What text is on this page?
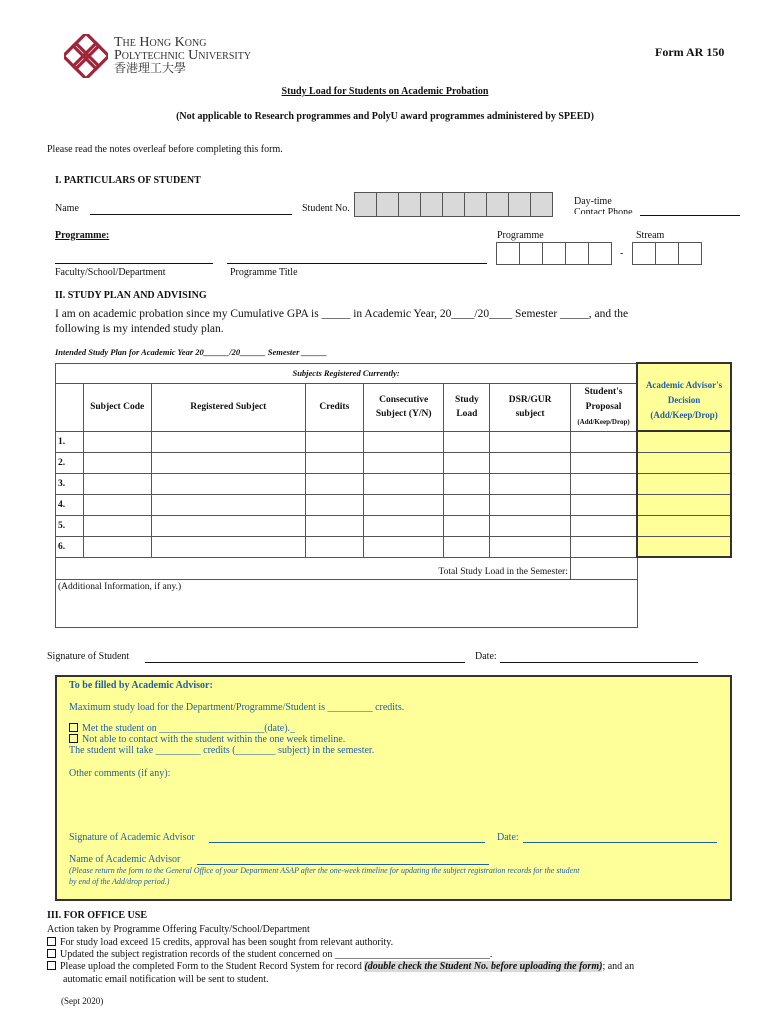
The Hong Kong
Polytechnic University
香港理工大學
Form AR 150
Study Load for Students on Academic Probation
(Not applicable to Research programmes and PolyU award programmes administered by SPEED)
Please read the notes overleaf before completing this form.
I. PARTICULARS OF STUDENT
Name	Student No.
Day-time
Contact Phone
Programme:	Programme	Stream
-
Faculty/School/Department	Programme Title
II. STUDY PLAN AND ADVISING
I am on academic probation since my Cumulative GPA is _____ in Academic Year, 20____/20____ Semester _____, and the
following is my intended study plan.
Intended Study Plan for Academic Year 20______/20______ Semester ______
Subjects Registered Currently:								Academic Advisor's Decision
(Add/Keep/Drop)

	Subject Code	Registered Subject	Credits	Consecutive Subject (Y/N)	Study Load	DSR/GUR subject	Student's Proposal
(Add/Keep/Drop)	

1.								
2.								
3.								
4.								
5.								
6.								
Total Study Load in the Semester:								
(Additional Information, if any.)								
Signature of Student	Date:
To be filled by Academic Advisor:
Maximum study load for the Department/Programme/Student is _________ credits.
Met the student on _____________________(date)._
Not able to contact with the student within the one week timeline.
The student will take _________ credits (________ subject) in the semester.
Other comments (if any):
Signature of Academic Advisor	Date:
Name of Academic Advisor
(Please return the form to the General Office of your Department ASAP after the one-week timeline for updating the subject registration records for the student
by end of the Add/drop period.)
III. FOR OFFICE USE
Action taken by Programme Offering Faculty/School/Department
For study load exceed 15 credits, approval has been sought from relevant authority.
Updated the subject registration records of the student concerned on _______________________________.
Please upload the completed Form to the Student Record System for record (double check the Student No. before uploading the form); and an
automatic email notification will be sent to student.
(Sept 2020)
